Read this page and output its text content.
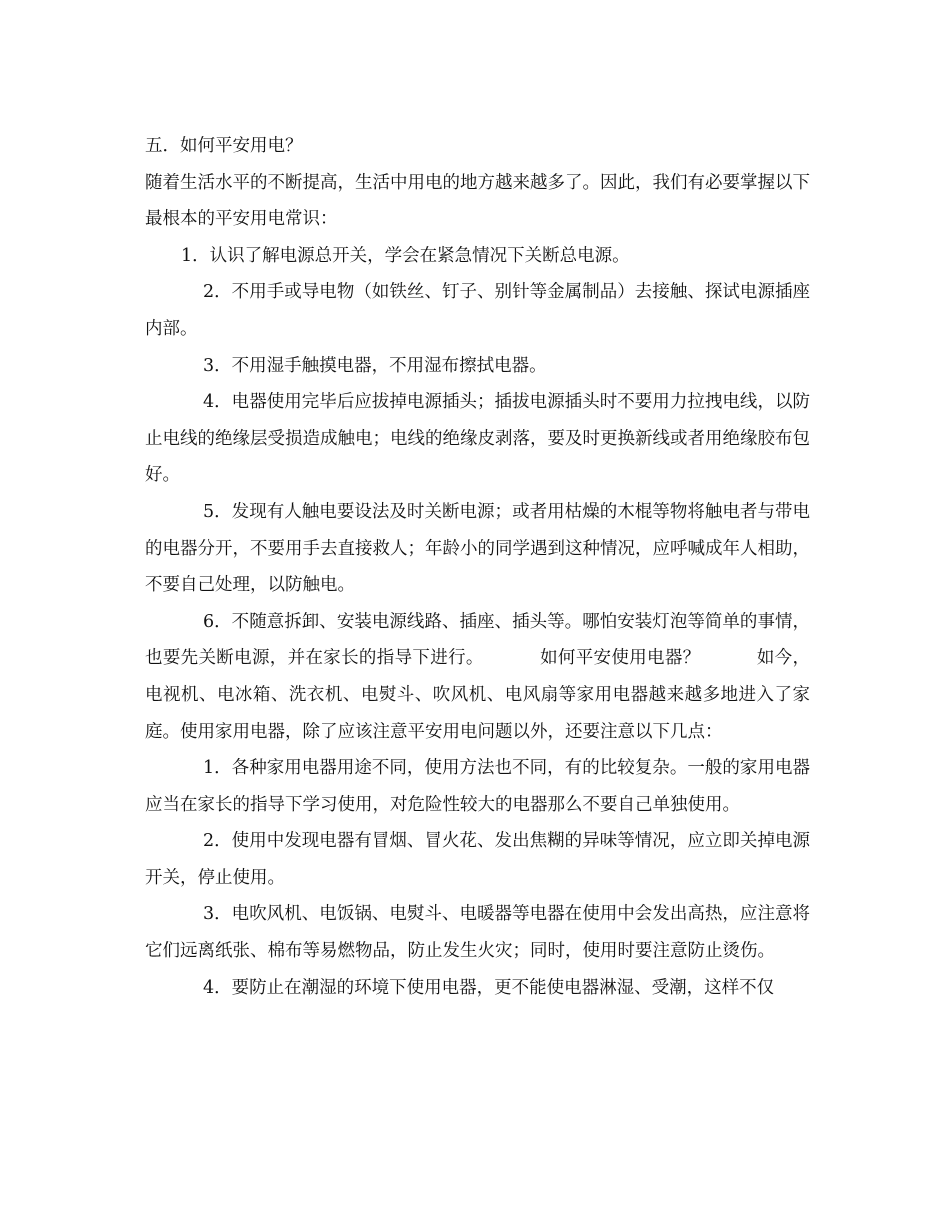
五．如何平安用电？

随着生活水平的不断提高，生活中用电的地方越来越多了。因此，我们有必要掌握以下最根本的平安用电常识：

1．认识了解电源总开关，学会在紧急情况下关断总电源。

2．不用手或导电物（如铁丝、钉子、别针等金属制品）去接触、探试电源插座内部。

3．不用湿手触摸电器，不用湿布擦拭电器。

4．电器使用完毕后应拔掉电源插头；插拔电源插头时不要用力拉拽电线，以防止电线的绝缘层受损造成触电；电线的绝缘皮剥落，要及时更换新线或者用绝缘胶布包好。

5．发现有人触电要设法及时关断电源；或者用枯燥的木棍等物将触电者与带电的电器分开，不要用手去直接救人；年龄小的同学遇到这种情况，应呼喊成年人相助，不要自己处理，以防触电。

6．不随意拆卸、安装电源线路、插座、插头等。哪怕安装灯泡等简单的事情，也要先关断电源，并在家长的指导下进行。	如何平安使用电器？	如今，电视机、电冰箱、洗衣机、电熨斗、吹风机、电风扇等家用电器越来越多地进入了家庭。使用家用电器，除了应该注意平安用电问题以外，还要注意以下几点：

1．各种家用电器用途不同，使用方法也不同，有的比较复杂。一般的家用电器应当在家长的指导下学习使用，对危险性较大的电器那么不要自己单独使用。

2．使用中发现电器有冒烟、冒火花、发出焦糊的异味等情况，应立即关掉电源开关，停止使用。

3．电吹风机、电饭锅、电熨斗、电暖器等电器在使用中会发出高热，应注意将它们远离纸张、棉布等易燃物品，防止发生火灾；同时，使用时要注意防止烫伤。

4．要防止在潮湿的环境下使用电器，更不能使电器淋湿、受潮，这样不仅
